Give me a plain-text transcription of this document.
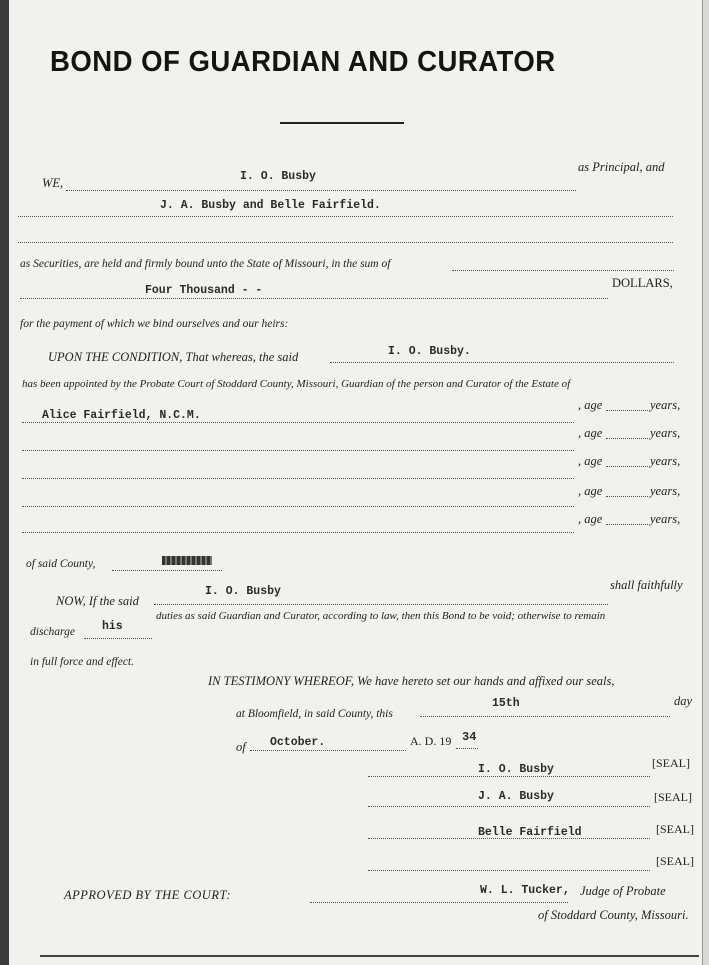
BOND OF GUARDIAN AND CURATOR
WE,	I. O. Busby
as Principal, and
J. A. Busby and Belle Fairfield.
as Securities, are held and firmly bound unto the State of Missouri, in the sum of
Four Thousand - -
DOLLARS,
for the payment of which we bind ourselves and our heirs:
UPON THE CONDITION, That whereas, the said	I. O. Busby.
has been appointed by the Probate Court of Stoddard County, Missouri, Guardian of the person and Curator of the Estate of
Alice Fairfield, N.C.M.
, age	years,
, age	years,
, age	years,
, age	years,
, age	years,
of said County,
NOW, If the said
I. O. Busby	shall faithfully
discharge his
duties as said Guardian and Curator, according to law, then this Bond to be void; otherwise to remain
in full force and effect.
IN TESTIMONY WHEREOF, We have hereto set our hands and affixed our seals,
at Bloomfield, in said County, this
15th	day
of October.	A. D. 19 34
I. O. Busby	[SEAL]
J. A. Busby	[SEAL]
Belle Fairfield	[SEAL]
[SEAL]
APPROVED BY THE COURT:	W. L. Tucker, Judge of Probate
of Stoddard County, Missouri.
